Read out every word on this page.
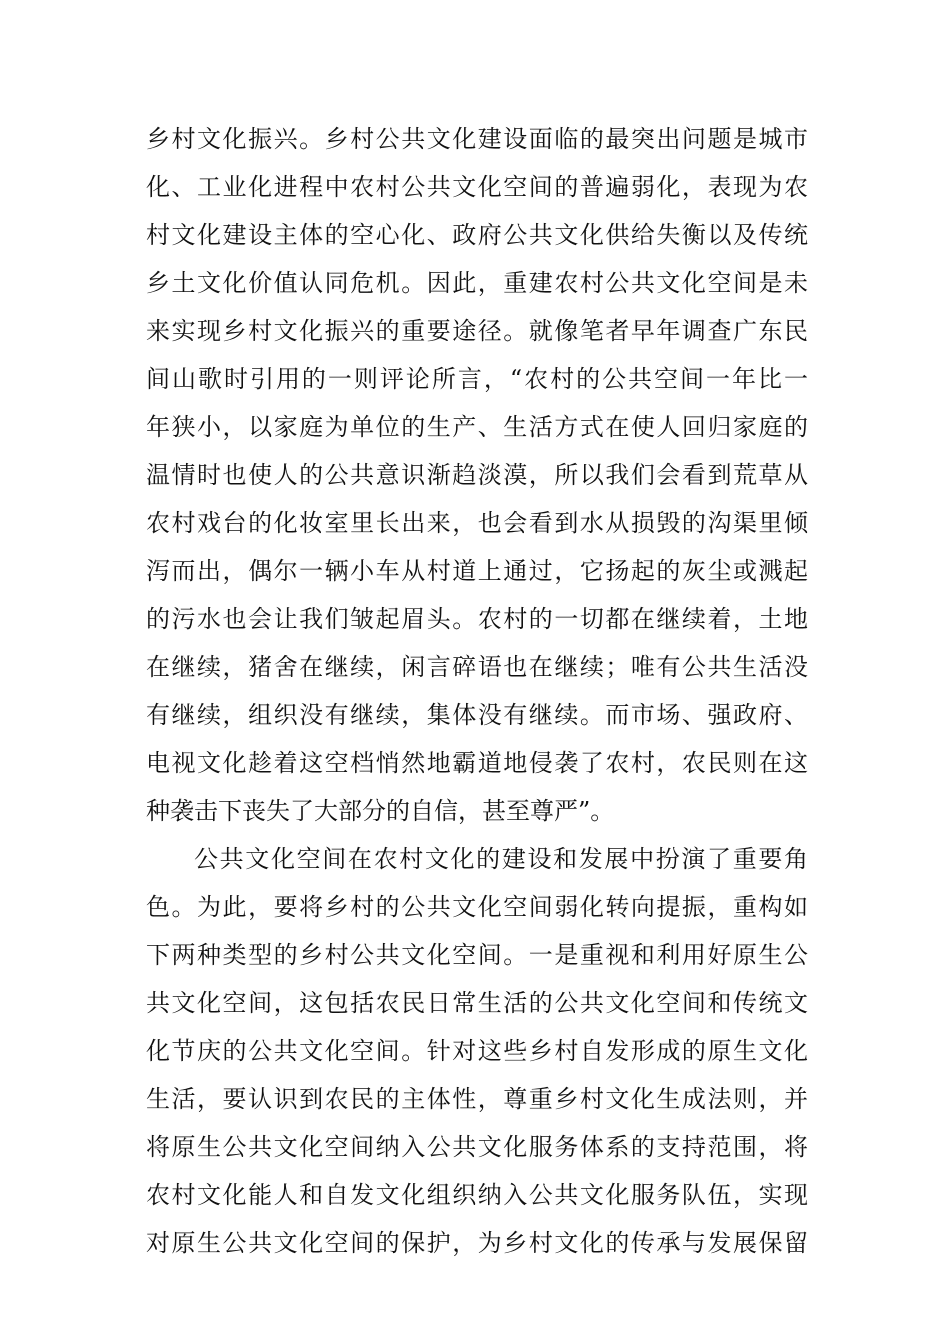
乡村文化振兴。乡村公共文化建设面临的最突出问题是城市
化、工业化进程中农村公共文化空间的普遍弱化，表现为农
村文化建设主体的空心化、政府公共文化供给失衡以及传统
乡土文化价值认同危机。因此，重建农村公共文化空间是未
来实现乡村文化振兴的重要途径。就像笔者早年调查广东民
间山歌时引用的一则评论所言，“农村的公共空间一年比一
年狭小，以家庭为单位的生产、生活方式在使人回归家庭的
温情时也使人的公共意识渐趋淡漠，所以我们会看到荒草从
农村戏台的化妆室里长出来，也会看到水从损毁的沟渠里倾
泻而出，偶尔一辆小车从村道上通过，它扬起的灰尘或溅起
的污水也会让我们皱起眉头。农村的一切都在继续着，土地
在继续，猪舍在继续，闲言碎语也在继续；唯有公共生活没
有继续，组织没有继续，集体没有继续。而市场、强政府、
电视文化趁着这空档悄然地霸道地侵袭了农村，农民则在这
种袭击下丧失了大部分的自信，甚至尊严”。
公共文化空间在农村文化的建设和发展中扮演了重要角
色。为此，要将乡村的公共文化空间弱化转向提振，重构如
下两种类型的乡村公共文化空间。一是重视和利用好原生公
共文化空间，这包括农民日常生活的公共文化空间和传统文
化节庆的公共文化空间。针对这些乡村自发形成的原生文化
生活，要认识到农民的主体性，尊重乡村文化生成法则，并
将原生公共文化空间纳入公共文化服务体系的支持范围，将
农村文化能人和自发文化组织纳入公共文化服务队伍，实现
对原生公共文化空间的保护，为乡村文化的传承与发展保留
